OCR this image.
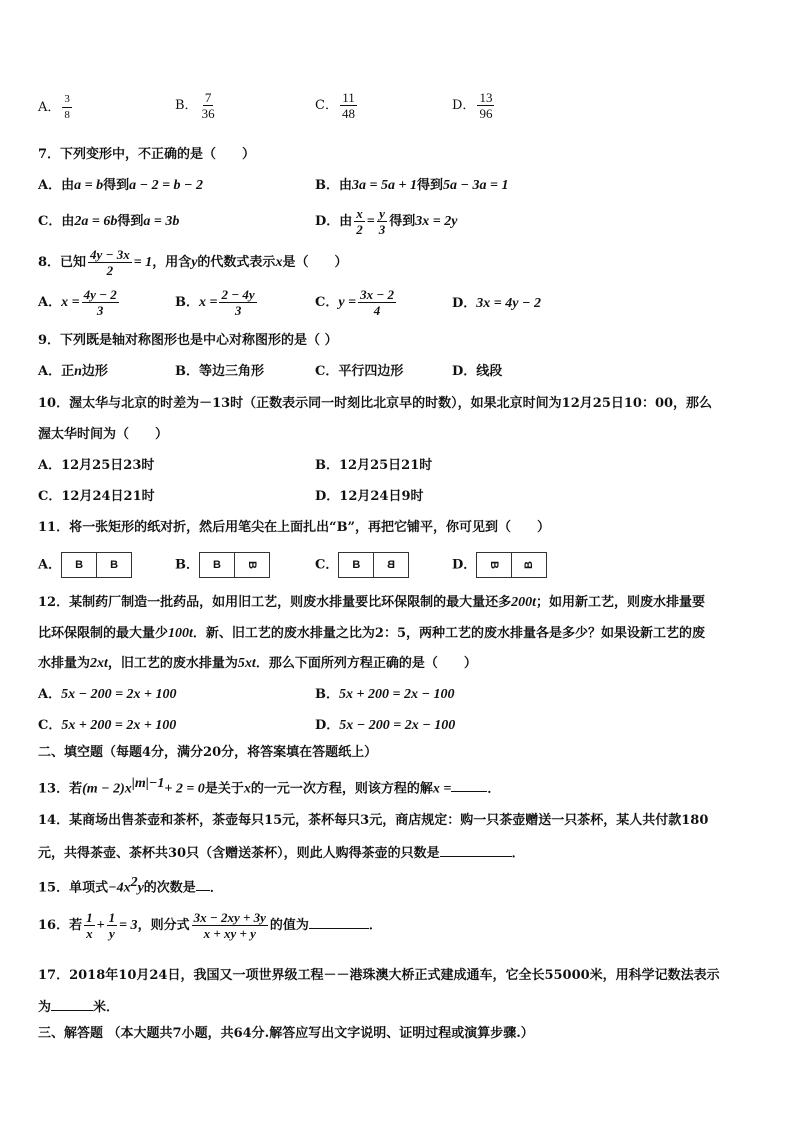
A． $\frac{3}{8}$	B． $\frac{7}{36}$	C． $\frac{11}{48}$	D． $\frac{13}{96}$
7．下列变形中，不正确的是（　　）
A．由a = b得到a − 2 = b − 2	B．由3a = 5a + 1得到5a − 3a = 1
C．由2a = 6b得到a = 3b	D．由 $\frac{x}{2} = \frac{y}{3}$ 得到3x = 2y
8．已知 $\frac{4y - 3x}{2} = 1$，用含y的代数式表示x是（　　）
A．$x = \frac{4y - 2}{3}$	B．$x = \frac{2 - 4y}{3}$	C．$y = \frac{3x - 2}{4}$	D．3x = 4y − 2
9．下列既是轴对称图形也是中心对称图形的是（ ）
A．正n边形	B．等边三角形	C．平行四边形	D．线段
10．渥太华与北京的时差为－13时（正数表示同一时刻比北京早的时数），如果北京时间为12月25日10：00，那么
渥太华时间为（　　）
A．12月25日23时	B．12月25日21时
C．12月24日21时	D．12月24日9时
11．将一张矩形的纸对折，然后用笔尖在上面扎出“B”，再把它铺平，你可见到（　　）
A． B B	B． B B	C． B B	D． B B
12．某制药厂制造一批药品，如用旧工艺，则废水排量要比环保限制的最大量还多200t；如用新工艺，则废水排量要
比环保限制的最大量少100t．新、旧工艺的废水排量之比为2：5，两种工艺的废水排量各是多少？如果设新工艺的废
水排量为2xt，旧工艺的废水排量为5xt．那么下面所列方程正确的是（　　）
A．5x − 200 = 2x + 100	B．5x + 200 = 2x − 100
C．5x + 200 = 2x + 100	D．5x − 200 = 2x − 100
二、填空题（每题4分，满分20分，将答案填在答题纸上）
13．若$(m - 2)x^{|m|-1}+ 2 = 0$是关于x的一元一次方程，则该方程的解x =	．
14．某商场出售茶壶和茶杯，茶壶每只15元，茶杯每只3元，商店规定：购一只茶壶赠送一只茶杯，某人共付款180
元，共得茶壶、茶杯共30只（含赠送茶杯），则此人购得茶壶的只数是	．
15．单项式$-4x^2y$的次数是 ．
16．若 $\frac{1}{x} + \frac{1}{y} = 3$，则分式 $\frac{3x - 2xy + 3y}{x + xy + y}$ 的值为	．
17．2018年10月24日，我国又一项世界级工程－－港珠澳大桥正式建成通车，它全长55000米，用科学记数法表示
为	米．
三、解答题 （本大题共7小题，共64分.解答应写出文字说明、证明过程或演算步骤.）
